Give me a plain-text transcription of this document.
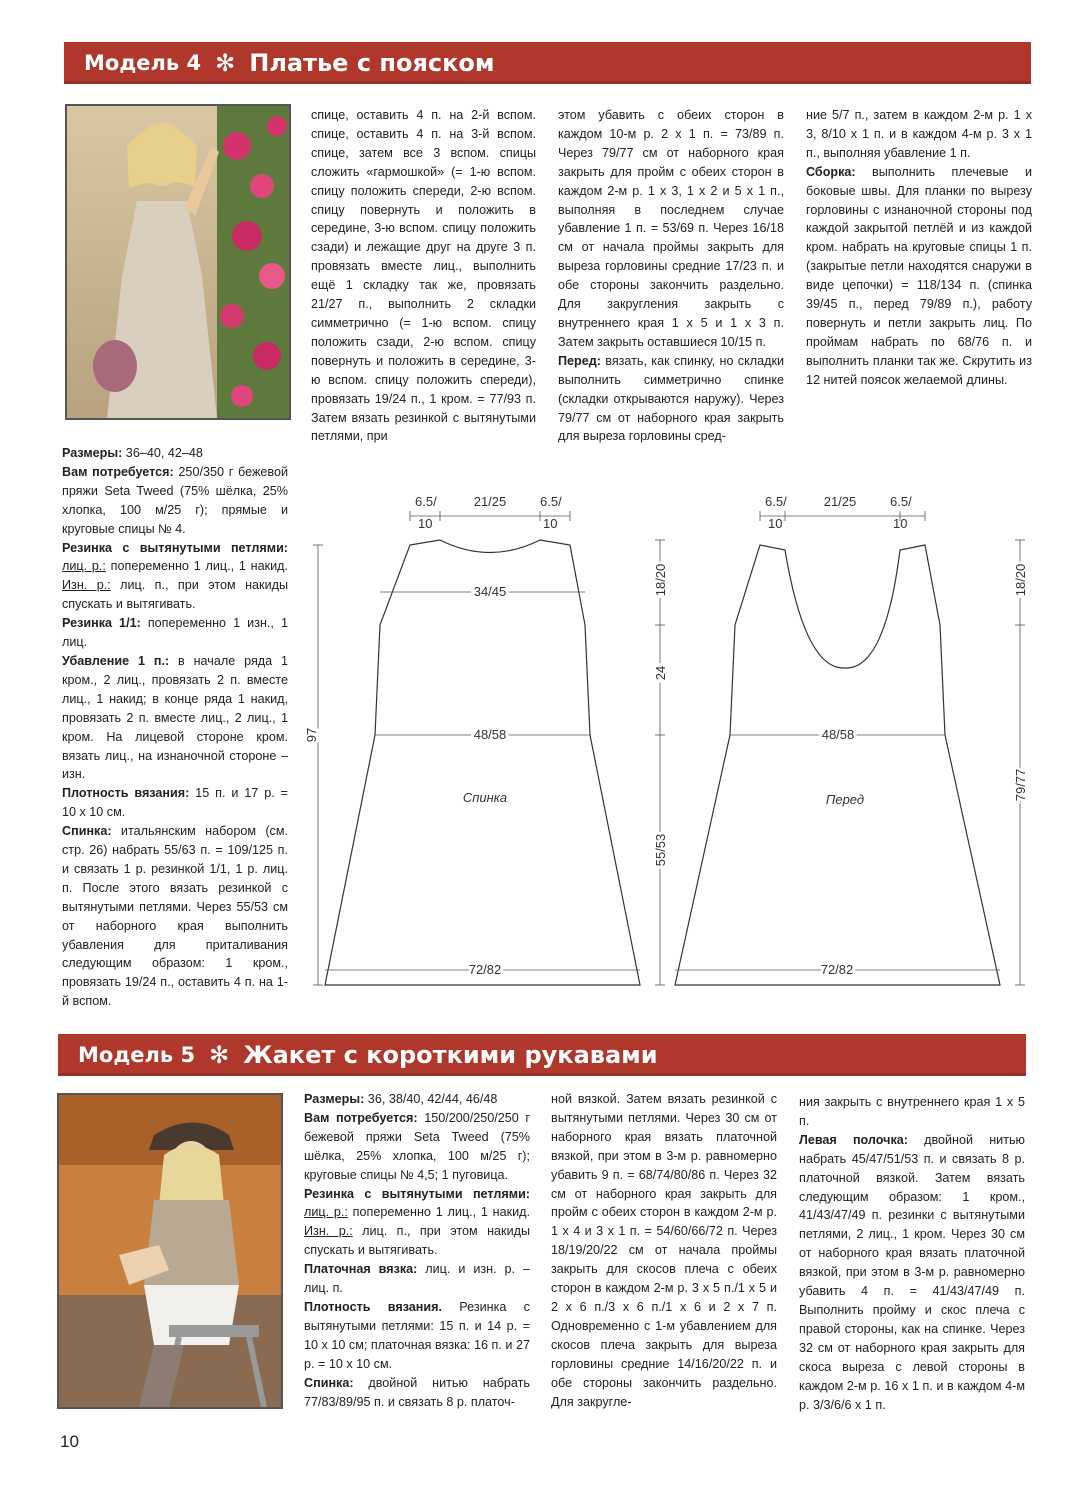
Модель 4 ✻ Платье с пояском

Размеры: 36–40, 42–48

Вам потребуется: 250/350 г бежевой пряжи Seta Tweed (75% шёлка, 25% хлопка, 100 м/25 г); прямые и круговые спицы № 4.

Резинка с вытянутыми петлями: лиц. р.: попеременно 1 лиц., 1 накид. Изн. р.: лиц. п., при этом накиды спускать и вытягивать.

Резинка 1/1: попеременно 1 изн., 1 лиц.

Убавление 1 п.: в начале ряда 1 кром., 2 лиц., провязать 2 п. вместе лиц., 1 накид; в конце ряда 1 накид, провязать 2 п. вместе лиц., 2 лиц., 1 кром. На лицевой стороне кром. вязать лиц., на изнаночной стороне – изн.

Плотность вязания: 15 п. и 17 р. = 10 х 10 см.

Спинка: итальянским набором (см. стр. 26) набрать 55/63 п. = 109/125 п. и связать 1 р. резинкой 1/1, 1 р. лиц. п. После этого вязать резинкой с вытянутыми петлями. Через 55/53 см от наборного края выполнить убавления для приталивания следующим образом: 1 кром., провязать 19/24 п., оставить 4 п. на 1-й вспом.

спице, оставить 4 п. на 2-й вспом. спице, оставить 4 п. на 3-й вспом. спице, затем все 3 вспом. спицы сложить «гармошкой» (= 1-ю вспом. спицу положить спереди, 2-ю вспом. спицу повернуть и положить в середине, 3-ю вспом. спицу положить сзади) и лежащие друг на друге 3 п. провязать вместе лиц., выполнить ещё 1 складку так же, провязать 21/27 п., выполнить 2 складки симметрично (= 1-ю вспом. спицу положить сзади, 2-ю вспом. спицу повернуть и положить в середине, 3-ю вспом. спицу положить спереди), провязать 19/24 п., 1 кром. = 77/93 п. Затем вязать резинкой с вытянутыми петлями, при

этом убавить с обеих сторон в каждом 10-м р. 2 х 1 п. = 73/89 п. Через 79/77 см от наборного края закрыть для пройм с обеих сторон в каждом 2-м р. 1 х 3, 1 х 2 и 5 х 1 п., выполняя в последнем случае убавление 1 п. = 53/69 п. Через 16/18 см от начала проймы закрыть для выреза горловины средние 17/23 п. и обе стороны закончить раздельно. Для закругления закрыть с внутреннего края 1 х 5 и 1 х 3 п. Затем закрыть оставшиеся 10/15 п.

Перед: вязать, как спинку, но складки выполнить симметрично спинке (складки открываются наружу). Через 79/77 см от наборного края закрыть для выреза горловины сред-

ние 5/7 п., затем в каждом 2-м р. 1 х 3, 8/10 х 1 п. и в каждом 4-м р. 3 х 1 п., выполняя убавление 1 п.

Сборка: выполнить плечевые и боковые швы. Для планки по вырезу горловины с изнаночной стороны под каждой закрытой петлёй и из каждой кром. набрать на круговые спицы 1 п. (закрытые петли находятся снаружи в виде цепочки) = 118/134 п. (спинка 39/45 п., перед 79/89 п.), работу повернуть и петли закрыть лиц. По проймам набрать по 68/76 п. и выполнить планки так же. Скрутить из 12 нитей поясок желаемой длины.

6.5/
10
21/25	6.5/
10
34/45
48/58
Спинка
72/82
97
18/20
24
55/53
6.5/
10
21/25	6.5/
10
48/58
Перед
72/82
18/20
79/77
Модель 5 ✻ Жакет с короткими рукавами

Размеры: 36, 38/40, 42/44, 46/48

Вам потребуется: 150/200/250/250 г бежевой пряжи Seta Tweed (75% шёлка, 25% хлопка, 100 м/25 г); круговые спицы № 4,5; 1 пуговица.

Резинка с вытянутыми петлями: лиц. р.: попеременно 1 лиц., 1 накид. Изн. р.: лиц. п., при этом накиды спускать и вытягивать.

Платочная вязка: лиц. и изн. р. – лиц. п.

Плотность вязания. Резинка с вытянутыми петлями: 15 п. и 14 р. = 10 х 10 см; платочная вязка: 16 п. и 27 р. = 10 х 10 см.

Спинка: двойной нитью набрать 77/83/89/95 п. и связать 8 р. платоч-

ной вязкой. Затем вязать резинкой с вытянутыми петлями. Через 30 см от наборного края вязать платочной вязкой, при этом в 3-м р. равномерно убавить 9 п. = 68/74/80/86 п. Через 32 см от наборного края закрыть для пройм с обеих сторон в каждом 2-м р. 1 х 4 и 3 х 1 п. = 54/60/66/72 п. Через 18/19/20/22 см от начала проймы закрыть для скосов плеча с обеих сторон в каждом 2-м р. 3 х 5 п./1 х 5 и 2 х 6 п./3 х 6 п./1 х 6 и 2 х 7 п. Одновременно с 1-м убавлением для скосов плеча закрыть для выреза горловины средние 14/16/20/22 п. и обе стороны закончить раздельно. Для закругле-

ния закрыть с внутреннего края 1 х 5 п.

Левая полочка: двойной нитью набрать 45/47/51/53 п. и связать 8 р. платочной вязкой. Затем вязать следующим образом: 1 кром., 41/43/47/49 п. резинки с вытянутыми петлями, 2 лиц., 1 кром. Через 30 см от наборного края вязать платочной вязкой, при этом в 3-м р. равномерно убавить 4 п. = 41/43/47/49 п. Выполнить пройму и скос плеча с правой стороны, как на спинке. Через 32 см от наборного края закрыть для скоса выреза с левой стороны в каждом 2-м р. 16 х 1 п. и в каждом 4-м р. 3/3/6/6 х 1 п.

10
